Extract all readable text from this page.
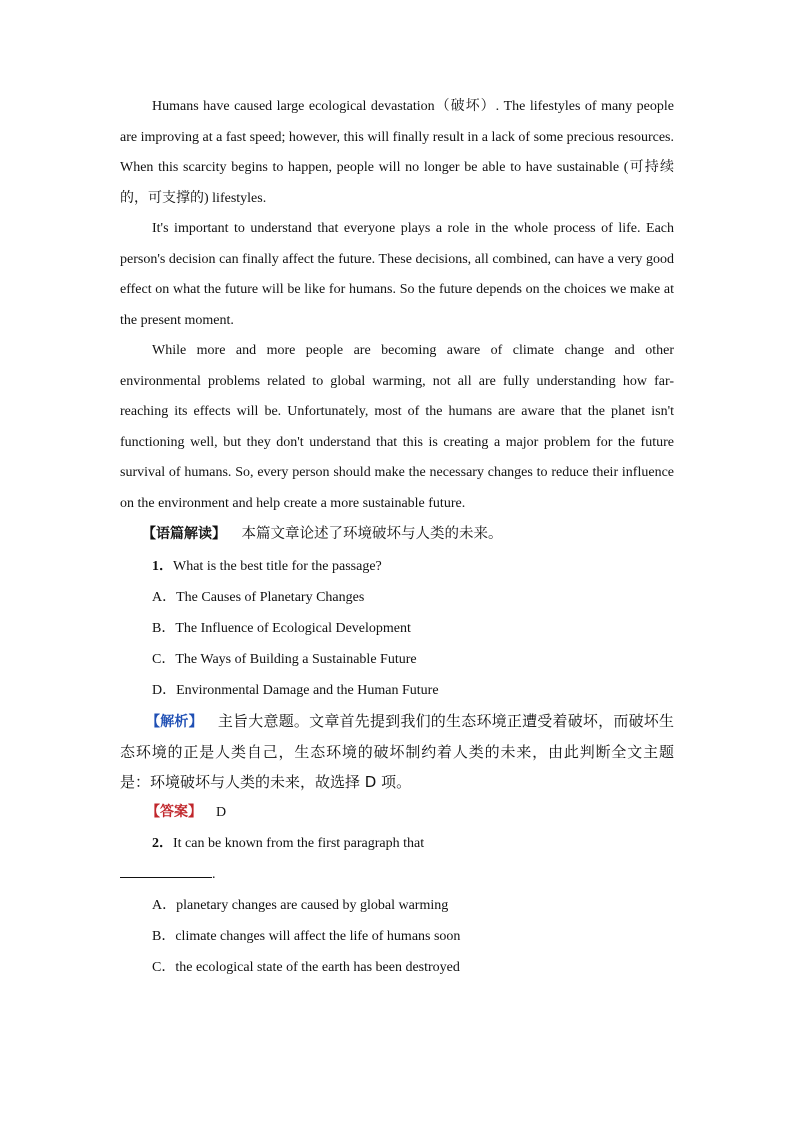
Humans have caused large ecological devastation（破坏）. The lifestyles of many people are improving at a fast speed; however, this will finally result in a lack of some precious resources. When this scarcity begins to happen, people will no longer be able to have sustainable (可持续的，可支撑的) lifestyles.

It's important to understand that everyone plays a role in the whole process of life. Each person's decision can finally affect the future. These decisions, all combined, can have a very good effect on what the future will be like for humans. So the future depends on the choices we make at the present moment.

While more and more people are becoming aware of climate change and other environmental problems related to global warming, not all are fully understanding how far-reaching its effects will be. Unfortunately, most of the humans are aware that the planet isn't functioning well, but they don't understand that this is creating a major problem for the future survival of humans. So, every person should make the necessary changes to reduce their influence on the environment and help create a more sustainable future.

【语篇解读】 本篇文章论述了环境破坏与人类的未来。

1．What is the best title for the passage?

A．The Causes of Planetary Changes

B．The Influence of Ecological Development

C．The Ways of Building a Sustainable Future

D．Environmental Damage and the Human Future

【解析】 主旨大意题。文章首先提到我们的生态环境正遭受着破坏，而破坏生态环境的正是人类自己，生态环境的破坏制约着人类的未来，由此判断全文主题是：环境破坏与人类的未来，故选择 D 项。

【答案】 D

2．It can be known from the first paragraph that

.

A．planetary changes are caused by global warming

B．climate changes will affect the life of humans soon

C．the ecological state of the earth has been destroyed
